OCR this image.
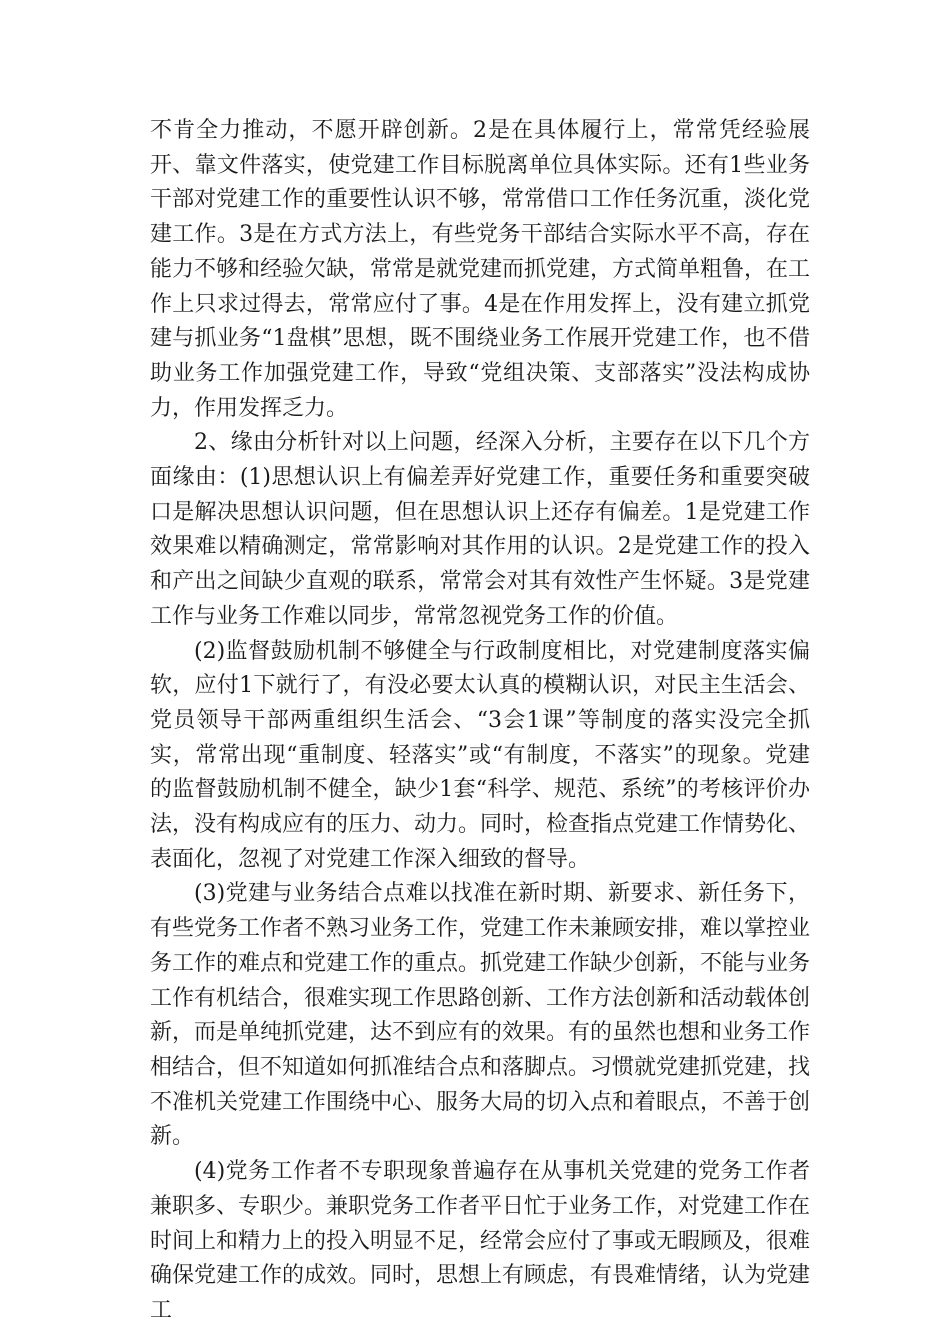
不肯全力推动，不愿开辟创新。2是在具体履行上，常常凭经验展开、靠文件落实，使党建工作目标脱离单位具体实际。还有1些业务干部对党建工作的重要性认识不够，常常借口工作任务沉重，淡化党建工作。3是在方式方法上，有些党务干部结合实际水平不高，存在能力不够和经验欠缺，常常是就党建而抓党建，方式简单粗鲁，在工作上只求过得去，常常应付了事。4是在作用发挥上，没有建立抓党建与抓业务“1盘棋”思想，既不围绕业务工作展开党建工作，也不借助业务工作加强党建工作，导致“党组决策、支部落实”没法构成协力，作用发挥乏力。

2、缘由分析针对以上问题，经深入分析，主要存在以下几个方面缘由：(1)思想认识上有偏差弄好党建工作，重要任务和重要突破口是解决思想认识问题，但在思想认识上还存有偏差。1是党建工作效果难以精确测定，常常影响对其作用的认识。2是党建工作的投入和产出之间缺少直观的联系，常常会对其有效性产生怀疑。3是党建工作与业务工作难以同步，常常忽视党务工作的价值。

(2)监督鼓励机制不够健全与行政制度相比，对党建制度落实偏软，应付1下就行了，有没必要太认真的模糊认识，对民主生活会、党员领导干部两重组织生活会、“3会1课”等制度的落实没完全抓实，常常出现“重制度、轻落实”或“有制度，不落实”的现象。党建的监督鼓励机制不健全，缺少1套“科学、规范、系统”的考核评价办法，没有构成应有的压力、动力。同时，检查指点党建工作情势化、表面化，忽视了对党建工作深入细致的督导。

(3)党建与业务结合点难以找准在新时期、新要求、新任务下，有些党务工作者不熟习业务工作，党建工作未兼顾安排，难以掌控业务工作的难点和党建工作的重点。抓党建工作缺少创新，不能与业务工作有机结合，很难实现工作思路创新、工作方法创新和活动载体创新，而是单纯抓党建，达不到应有的效果。有的虽然也想和业务工作相结合，但不知道如何抓准结合点和落脚点。习惯就党建抓党建，找不准机关党建工作围绕中心、服务大局的切入点和着眼点，不善于创新。

(4)党务工作者不专职现象普遍存在从事机关党建的党务工作者兼职多、专职少。兼职党务工作者平日忙于业务工作，对党建工作在时间上和精力上的投入明显不足，经常会应付了事或无暇顾及，很难确保党建工作的成效。同时，思想上有顾虑，有畏难情绪，认为党建工
